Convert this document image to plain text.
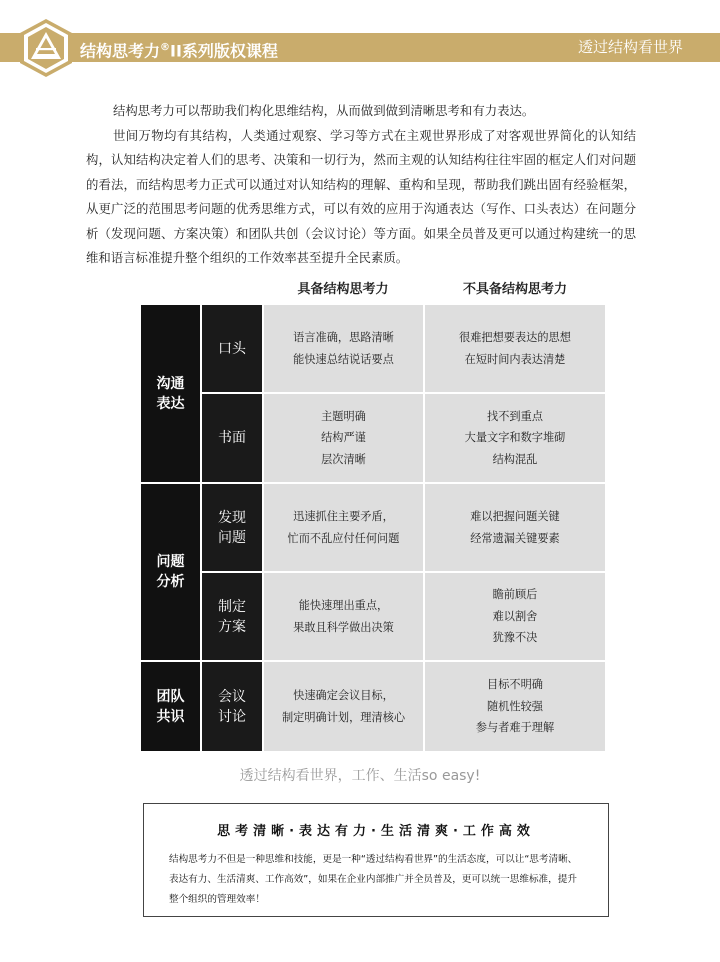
结构思考力®II系列版权课程	透过结构看世界

结构思考力可以帮助我们构化思维结构，从而做到做到清晰思考和有力表达。

世间万物均有其结构，人类通过观察、学习等方式在主观世界形成了对客观世界简化的认知结构，认知结构决定着人们的思考、决策和一切行为，然而主观的认知结构往往牢固的框定人们对问题的看法，而结构思考力正式可以通过对认知结构的理解、重构和呈现，帮助我们跳出固有经验框架，从更广泛的范围思考问题的优秀思维方式，可以有效的应用于沟通表达（写作、口头表达）在问题分析（发现问题、方案决策）和团队共创（会议讨论）等方面。如果全员普及更可以通过构建统一的思维和语言标准提升整个组织的工作效率甚至提升全民素质。

具备结构思考力	不具备结构思考力
口头
语言准确，思路清晰
能快速总结说话要点
很难把想要表达的思想
在短时间内表达清楚
书面
主题明确
结构严谨
层次清晰
找不到重点
大量文字和数字堆砌
结构混乱
沟通
表达
发现
问题
迅速抓住主要矛盾，
忙而不乱应付任何问题
难以把握问题关键
经常遗漏关键要素
制定
方案
能快速理出重点，
果敢且科学做出决策
瞻前顾后
难以割舍
犹豫不决
问题
分析
会议
讨论
快速确定会议目标，
制定明确计划，理清核心
目标不明确
随机性较强
参与者难于理解
团队
共识
透过结构看世界，工作、生活so easy!
思考清晰·表达有力·生活清爽·工作高效
结构思考力不但是一种思维和技能，更是一种“透过结构看世界”的生活态度，可以让“思考清晰、表达有力、生活清爽、工作高效”，如果在企业内部推广并全员普及，更可以统一思维标准，提升整个组织的管理效率！
